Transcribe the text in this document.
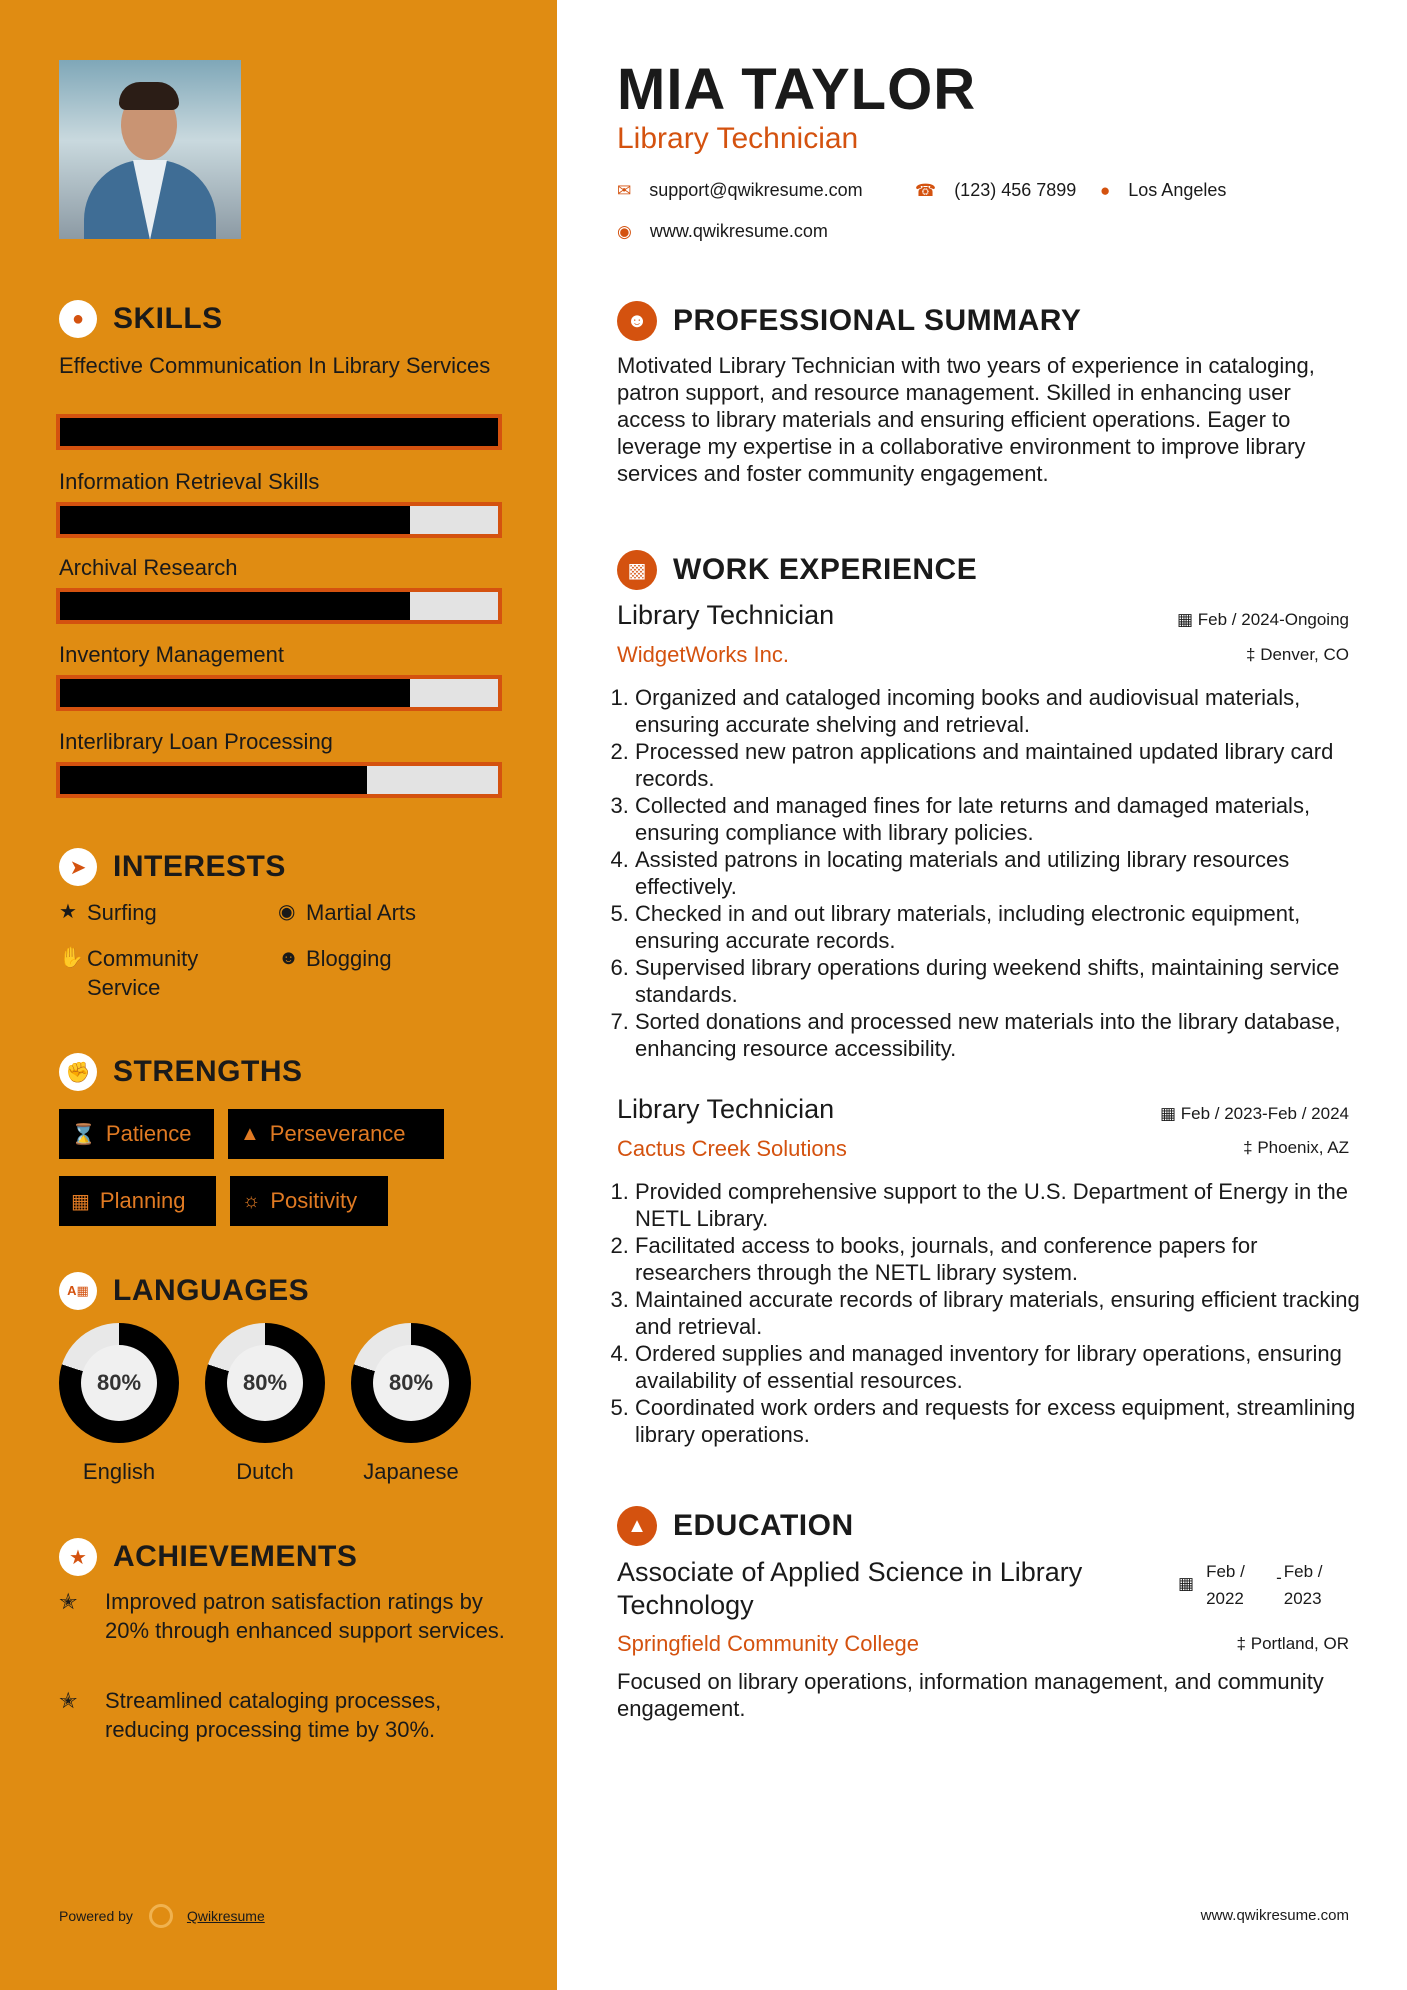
● SKILLS
Effective Communication In Library Services
Information Retrieval Skills
Archival Research
Inventory Management
Interlibrary Loan Processing
➤ INTERESTS
★ Surfing	◉ Martial Arts
✋ Community Service
☻ Blogging
✊ STRENGTHS
⌛ Patience ▲ Perseverance
▦ Planning	☼ Positivity
A▦ LANGUAGES
80%	80%	80%
English	Dutch	Japanese
★ ACHIEVEMENTS
✭	Improved patron satisfaction ratings by 20% through enhanced support services.
✭	Streamlined cataloging processes, reducing processing time by 30%.
Powered by	Qwikresume
MIA TAYLOR
Library Technician
✉ support@qwikresume.com	☎ (123) 456 7899 ● Los Angeles
◉ www.qwikresume.com
☻ PROFESSIONAL SUMMARY
Motivated Library Technician with two years of experience in cataloging, patron support, and resource management. Skilled in enhancing user access to library materials and ensuring efficient operations. Eager to leverage my expertise in a collaborative environment to improve library services and foster community engagement.
▩ WORK EXPERIENCE
Library Technician	▦ Feb / 2024-Ongoing
WidgetWorks Inc.	‡ Denver, CO
1. Organized and cataloged incoming books and audiovisual materials, ensuring accurate shelving and retrieval.
2. Processed new patron applications and maintained updated library card records.
3. Collected and managed fines for late returns and damaged materials, ensuring compliance with library policies.
4. Assisted patrons in locating materials and utilizing library resources effectively.
5. Checked in and out library materials, including electronic equipment, ensuring accurate records.
6. Supervised library operations during weekend shifts, maintaining service standards.
7. Sorted donations and processed new materials into the library database, enhancing resource accessibility.
Library Technician	▦ Feb / 2023-Feb / 2024
Cactus Creek Solutions	‡ Phoenix, AZ
1. Provided comprehensive support to the U.S. Department of Energy in the NETL Library.
2. Facilitated access to books, journals, and conference papers for researchers through the NETL library system.
3. Maintained accurate records of library materials, ensuring efficient tracking and retrieval.
4. Ordered supplies and managed inventory for library operations, ensuring availability of essential resources.
5. Coordinated work orders and requests for excess equipment, streamlining library operations.
▲ EDUCATION
Associate of Applied Science in Library Technology
▦
Feb / 2022
- Feb / 2023
Springfield Community College	‡ Portland, OR
Focused on library operations, information management, and community engagement.
www.qwikresume.com
